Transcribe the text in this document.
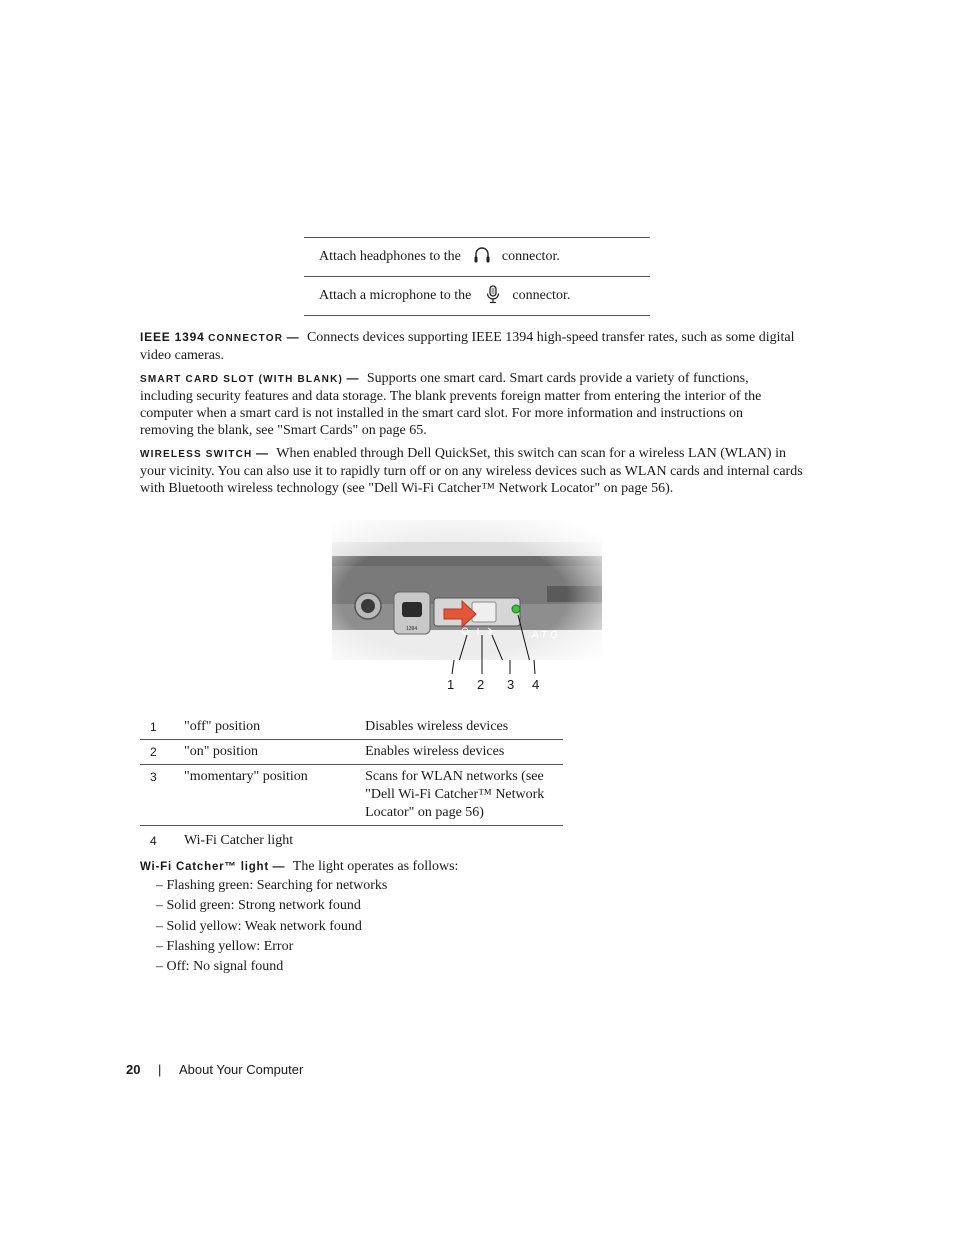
Attach headphones to the	connector.
Attach a microphone to the	connector.
IEEE 1394 CONNECTOR — Connects devices supporting IEEE 1394 high-speed transfer rates, such as some digital
video cameras.
SMART CARD SLOT (WITH BLANK) — Supports one smart card. Smart cards provide a variety of functions,
including security features and data storage. The blank prevents foreign matter from entering the interior of the
computer when a smart card is not installed in the smart card slot. For more information and instructions on
removing the blank, see "Smart Cards" on page 65.
WIRELESS SWITCH — When enabled through Dell QuickSet, this switch can scan for a wireless LAN (WLAN) in
your vicinity. You can also use it to rapidly turn off or on any wireless devices such as WLAN cards and internal cards
with Bluetooth wireless technology (see "Dell Wi-Fi Catcher™ Network Locator" on page 56).
1 2 3 4
1	"off" position	Disables wireless devices

2	"on" position	Enables wireless devices

3	"momentary" position	Scans for WLAN networks (see
"Dell Wi-Fi Catcher™ Network
Locator" on page 56)

4	Wi-Fi Catcher light	
Wi-Fi Catcher™ light — The light operates as follows:
– Flashing green: Searching for networks
– Solid green: Strong network found
– Solid yellow: Weak network found
– Flashing yellow: Error
– Off: No signal found
20 | About Your Computer
